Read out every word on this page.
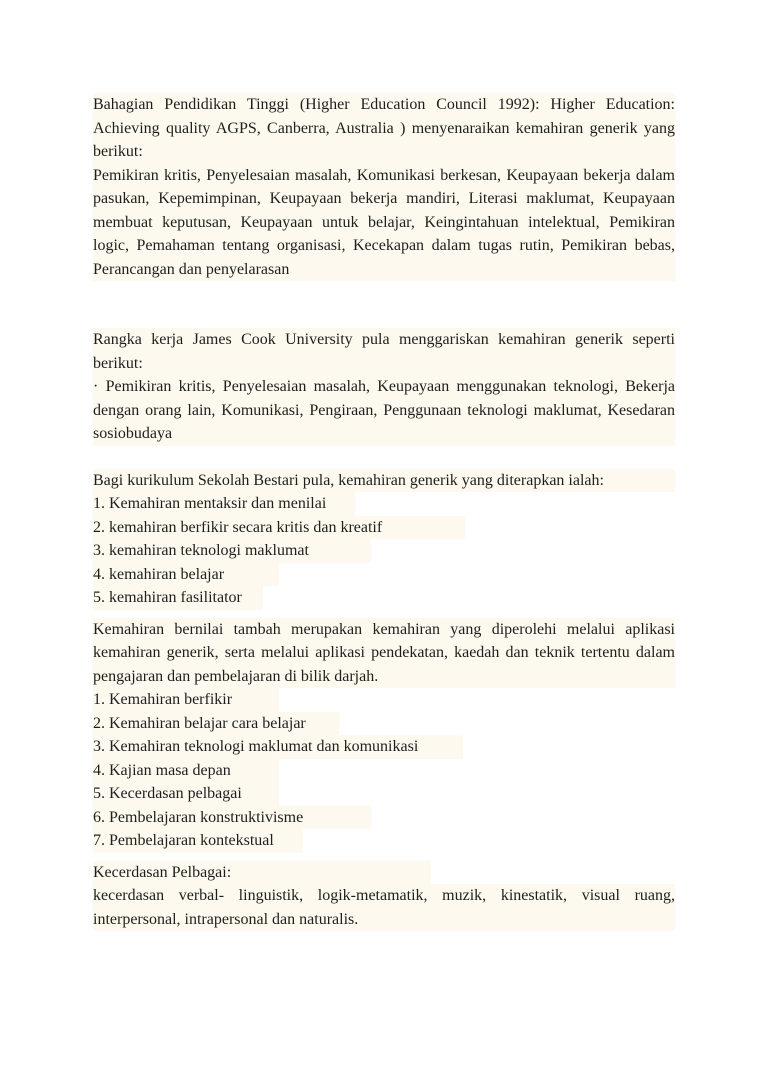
Bahagian Pendidikan Tinggi (Higher Education Council 1992): Higher Education: Achieving quality AGPS, Canberra, Australia ) menyenaraikan kemahiran generik yang berikut:

Pemikiran kritis, Penyelesaian masalah, Komunikasi berkesan, Keupayaan bekerja dalam pasukan, Kepemimpinan, Keupayaan bekerja mandiri, Literasi maklumat, Keupayaan membuat keputusan, Keupayaan untuk belajar, Keingintahuan intelektual, Pemikiran logic, Pemahaman tentang organisasi, Kecekapan dalam tugas rutin, Pemikiran bebas, Perancangan dan penyelarasan

Rangka kerja James Cook University pula menggariskan kemahiran generik seperti berikut:

· Pemikiran kritis, Penyelesaian masalah, Keupayaan menggunakan teknologi, Bekerja dengan orang lain, Komunikasi, Pengiraan, Penggunaan teknologi maklumat, Kesedaran sosiobudaya

Bagi kurikulum Sekolah Bestari pula, kemahiran generik yang diterapkan ialah:

1. Kemahiran mentaksir dan menilai
2. kemahiran berfikir secara kritis dan kreatif
3. kemahiran teknologi maklumat
4. kemahiran belajar
5. kemahiran fasilitator

Kemahiran bernilai tambah merupakan kemahiran yang diperolehi melalui aplikasi kemahiran generik, serta melalui aplikasi pendekatan, kaedah dan teknik tertentu dalam pengajaran dan pembelajaran di bilik darjah.

1. Kemahiran berfikir
2. Kemahiran belajar cara belajar
3. Kemahiran teknologi maklumat dan komunikasi
4. Kajian masa depan
5. Kecerdasan pelbagai
6. Pembelajaran konstruktivisme
7. Pembelajaran kontekstual
Kecerdasan Pelbagai:

kecerdasan verbal- linguistik, logik-metamatik, muzik, kinestatik, visual ruang, interpersonal, intrapersonal dan naturalis.
